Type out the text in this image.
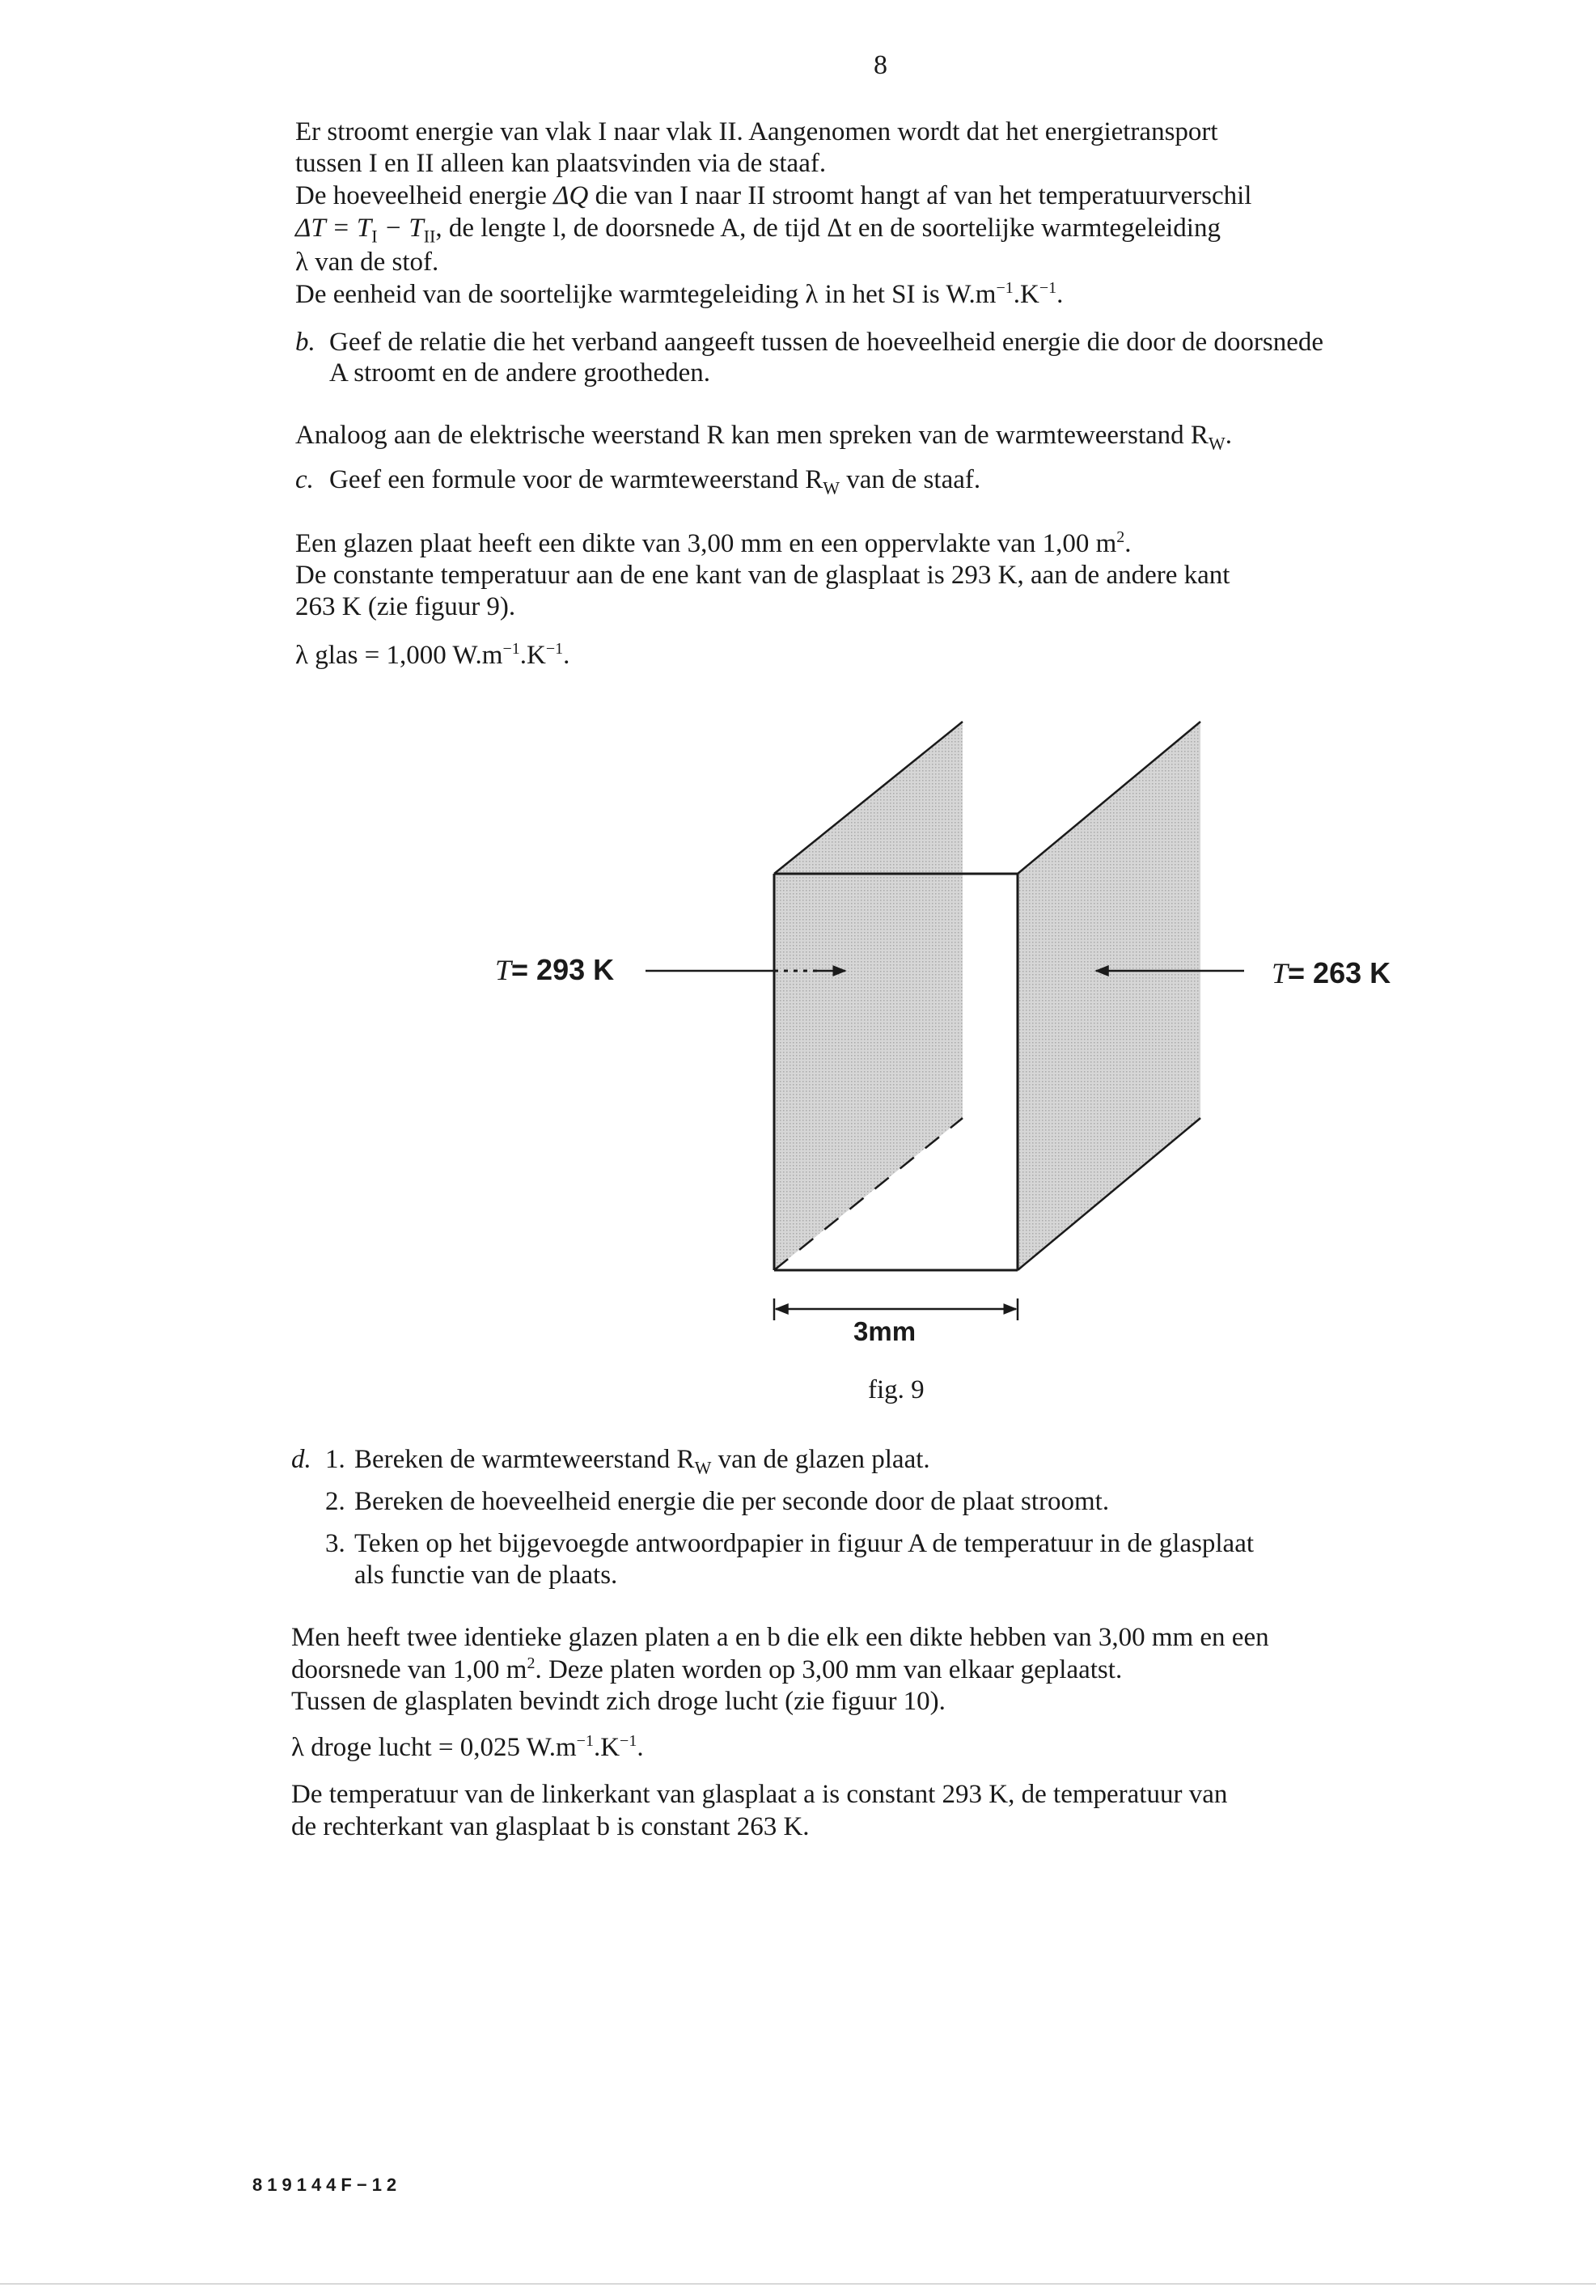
8
Er stroomt energie van vlak I naar vlak II. Aangenomen wordt dat het energietransport
tussen I en II alleen kan plaatsvinden via de staaf.
De hoeveelheid energie ΔQ die van I naar II stroomt hangt af van het temperatuurverschil
$\Delta T = T_I - T_{II}$, de lengte l, de doorsnede A, de tijd Δt en de soortelijke warmtegeleiding
λ van de stof.
De eenheid van de soortelijke warmtegeleiding λ in het SI is $W.m^{-1}.K^{-1}$.
b. Geef de relatie die het verband aangeeft tussen de hoeveelheid energie die door de doorsnede
A stroomt en de andere grootheden.
Analoog aan de elektrische weerstand R kan men spreken van de warmteweerstand $R_W$.
c. Geef een formule voor de warmteweerstand $R_W$ van de staaf.
Een glazen plaat heeft een dikte van 3,00 mm en een oppervlakte van 1,00 $m^2$.
De constante temperatuur aan de ene kant van de glasplaat is 293 K, aan de andere kant
263 K (zie figuur 9).
λ glas = 1,000 $W.m^{-1}.K^{-1}$.
T= 293 K	T= 263 K
3mm
fig. 9
d. 1. Bereken de warmteweerstand $R_W$ van de glazen plaat.
2. Bereken de hoeveelheid energie die per seconde door de plaat stroomt.
3. Teken op het bijgevoegde antwoordpapier in figuur A de temperatuur in de glasplaat
als functie van de plaats.
Men heeft twee identieke glazen platen a en b die elk een dikte hebben van 3,00 mm en een
doorsnede van 1,00 $m^2$. Deze platen worden op 3,00 mm van elkaar geplaatst.
Tussen de glasplaten bevindt zich droge lucht (zie figuur 10).
λ droge lucht = 0,025 $W.m^{-1}.K^{-1}$.
De temperatuur van de linkerkant van glasplaat a is constant 293 K, de temperatuur van
de rechterkant van glasplaat b is constant 263 K.
819144F−12
